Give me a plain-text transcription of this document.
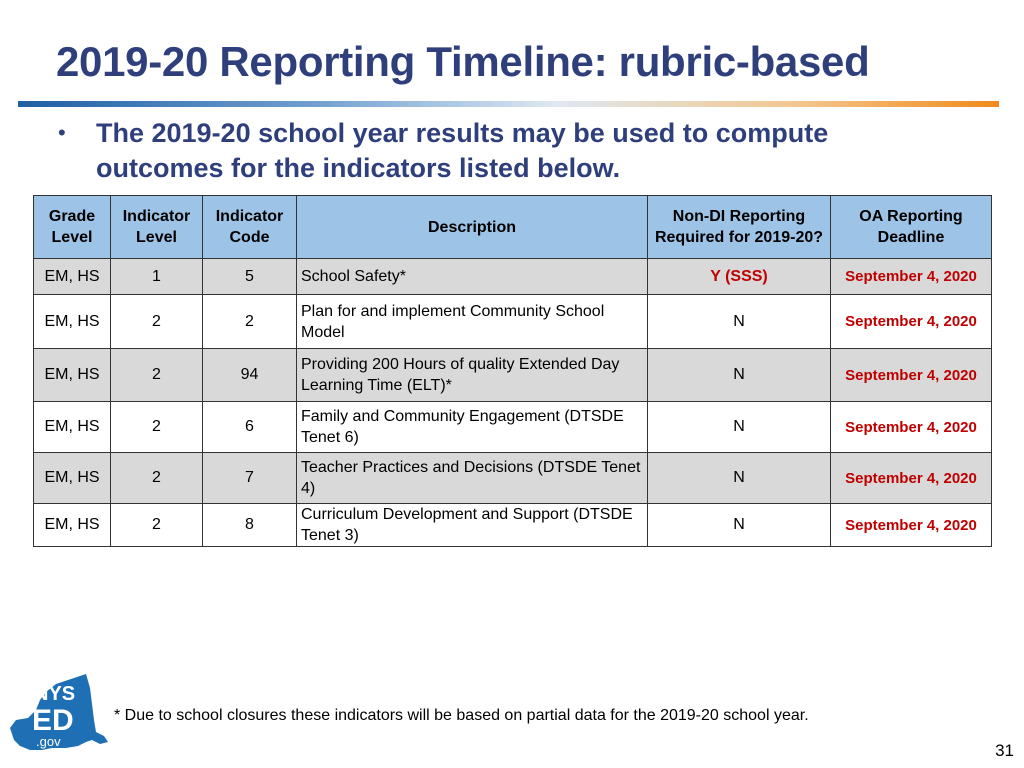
2019-20 Reporting Timeline: rubric-based
• The 2019-20 school year results may be used to compute outcomes for the indicators listed below.
Grade Level	Indicator Level	Indicator Code	Description	Non-DI Reporting Required for 2019-20?	OA Reporting Deadline
EM, HS	1	5	School Safety*	Y (SSS)	September 4, 2020
EM, HS	2	2	Plan for and implement Community School Model	N	September 4, 2020
EM, HS	2	94	Providing 200 Hours of quality Extended Day Learning Time (ELT)*	N	September 4, 2020
EM, HS	2	6	Family and Community Engagement (DTSDE Tenet 6)	N	September 4, 2020
EM, HS	2	7	Teacher Practices and Decisions (DTSDE Tenet 4)	N	September 4, 2020
EM, HS	2	8	Curriculum Development and Support (DTSDE Tenet 3)	N	September 4, 2020
NYS
ED
.gov
* Due to school closures these indicators will be based on partial data for the 2019-20 school year.
31
